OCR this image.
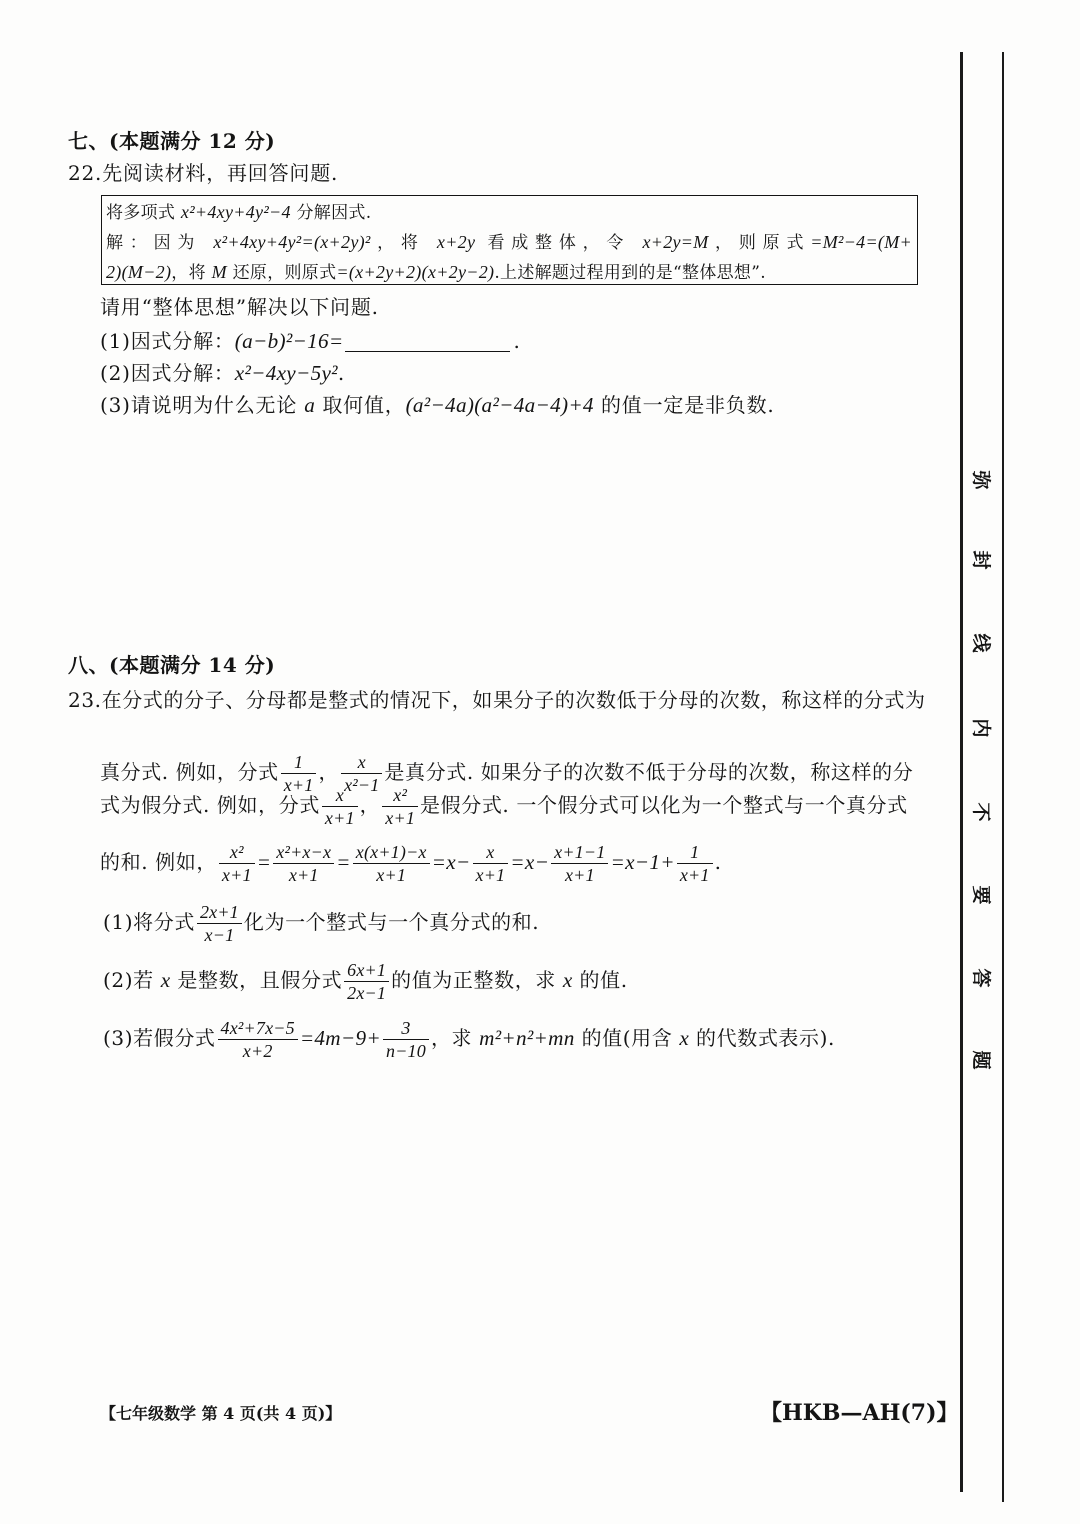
七、(本题满分 12 分)
22.先阅读材料，再回答问题.
将多项式 x²+4xy+4y²−4 分解因式.
解：因为 x²+4xy+4y²=(x+2y)²，将 x+2y 看成整体，令 x+2y=M，则原式=M²−4=(M+
2)(M−2)，将 M 还原，则原式=(x+2y+2)(x+2y−2).上述解题过程用到的是“整体思想”.
请用“整体思想”解决以下问题.
(1)因式分解：(a−b)²−16=	.
(2)因式分解：x²−4xy−5y².
(3)请说明为什么无论 a 取何值，(a²−4a)(a²−4a−4)+4 的值一定是非负数.
八、(本题满分 14 分)
23.在分式的分子、分母都是整式的情况下，如果分子的次数低于分母的次数，称这样的分式为
真分式. 例如，分式 $\frac{1}{x+1}$ ， $\frac{x}{\text{x²−1}}$ 是真分式. 如果分子的次数不低于分母的次数，称这样的分
式为假分式. 例如，分式 $\frac{x}{x+1}$ ， $\frac{\text{x²}}{x+1}$ 是假分式. 一个假分式可以化为一个整式与一个真分式
的和. 例如， $\frac{\text{x²}}{x+1} = \frac{\text{x²+x−x}}{x+1} = \frac{x(x+1)-x}{x+1} =x- \frac{x}{x+1} =x- \frac{x+1-1}{x+1} =x-1+ \frac{1}{x+1}$ .
(1)将分式 $\frac{2x+1}{x-1}$ 化为一个整式与一个真分式的和.
(2)若 x 是整数，且假分式 $\frac{6x+1}{2x-1}$ 的值为正整数，求 x 的值.
(3)若假分式 $\frac{\text{4x²+7x−5}}{x+2} =4m-9+ \frac{3}{n-10}$ ，求 m²+n²+mn 的值(用含 x 的代数式表示).
【七年级数学 第 4 页(共 4 页)】	【HKB—AH(7)】
弥
封
线
内
不
要
答
题
